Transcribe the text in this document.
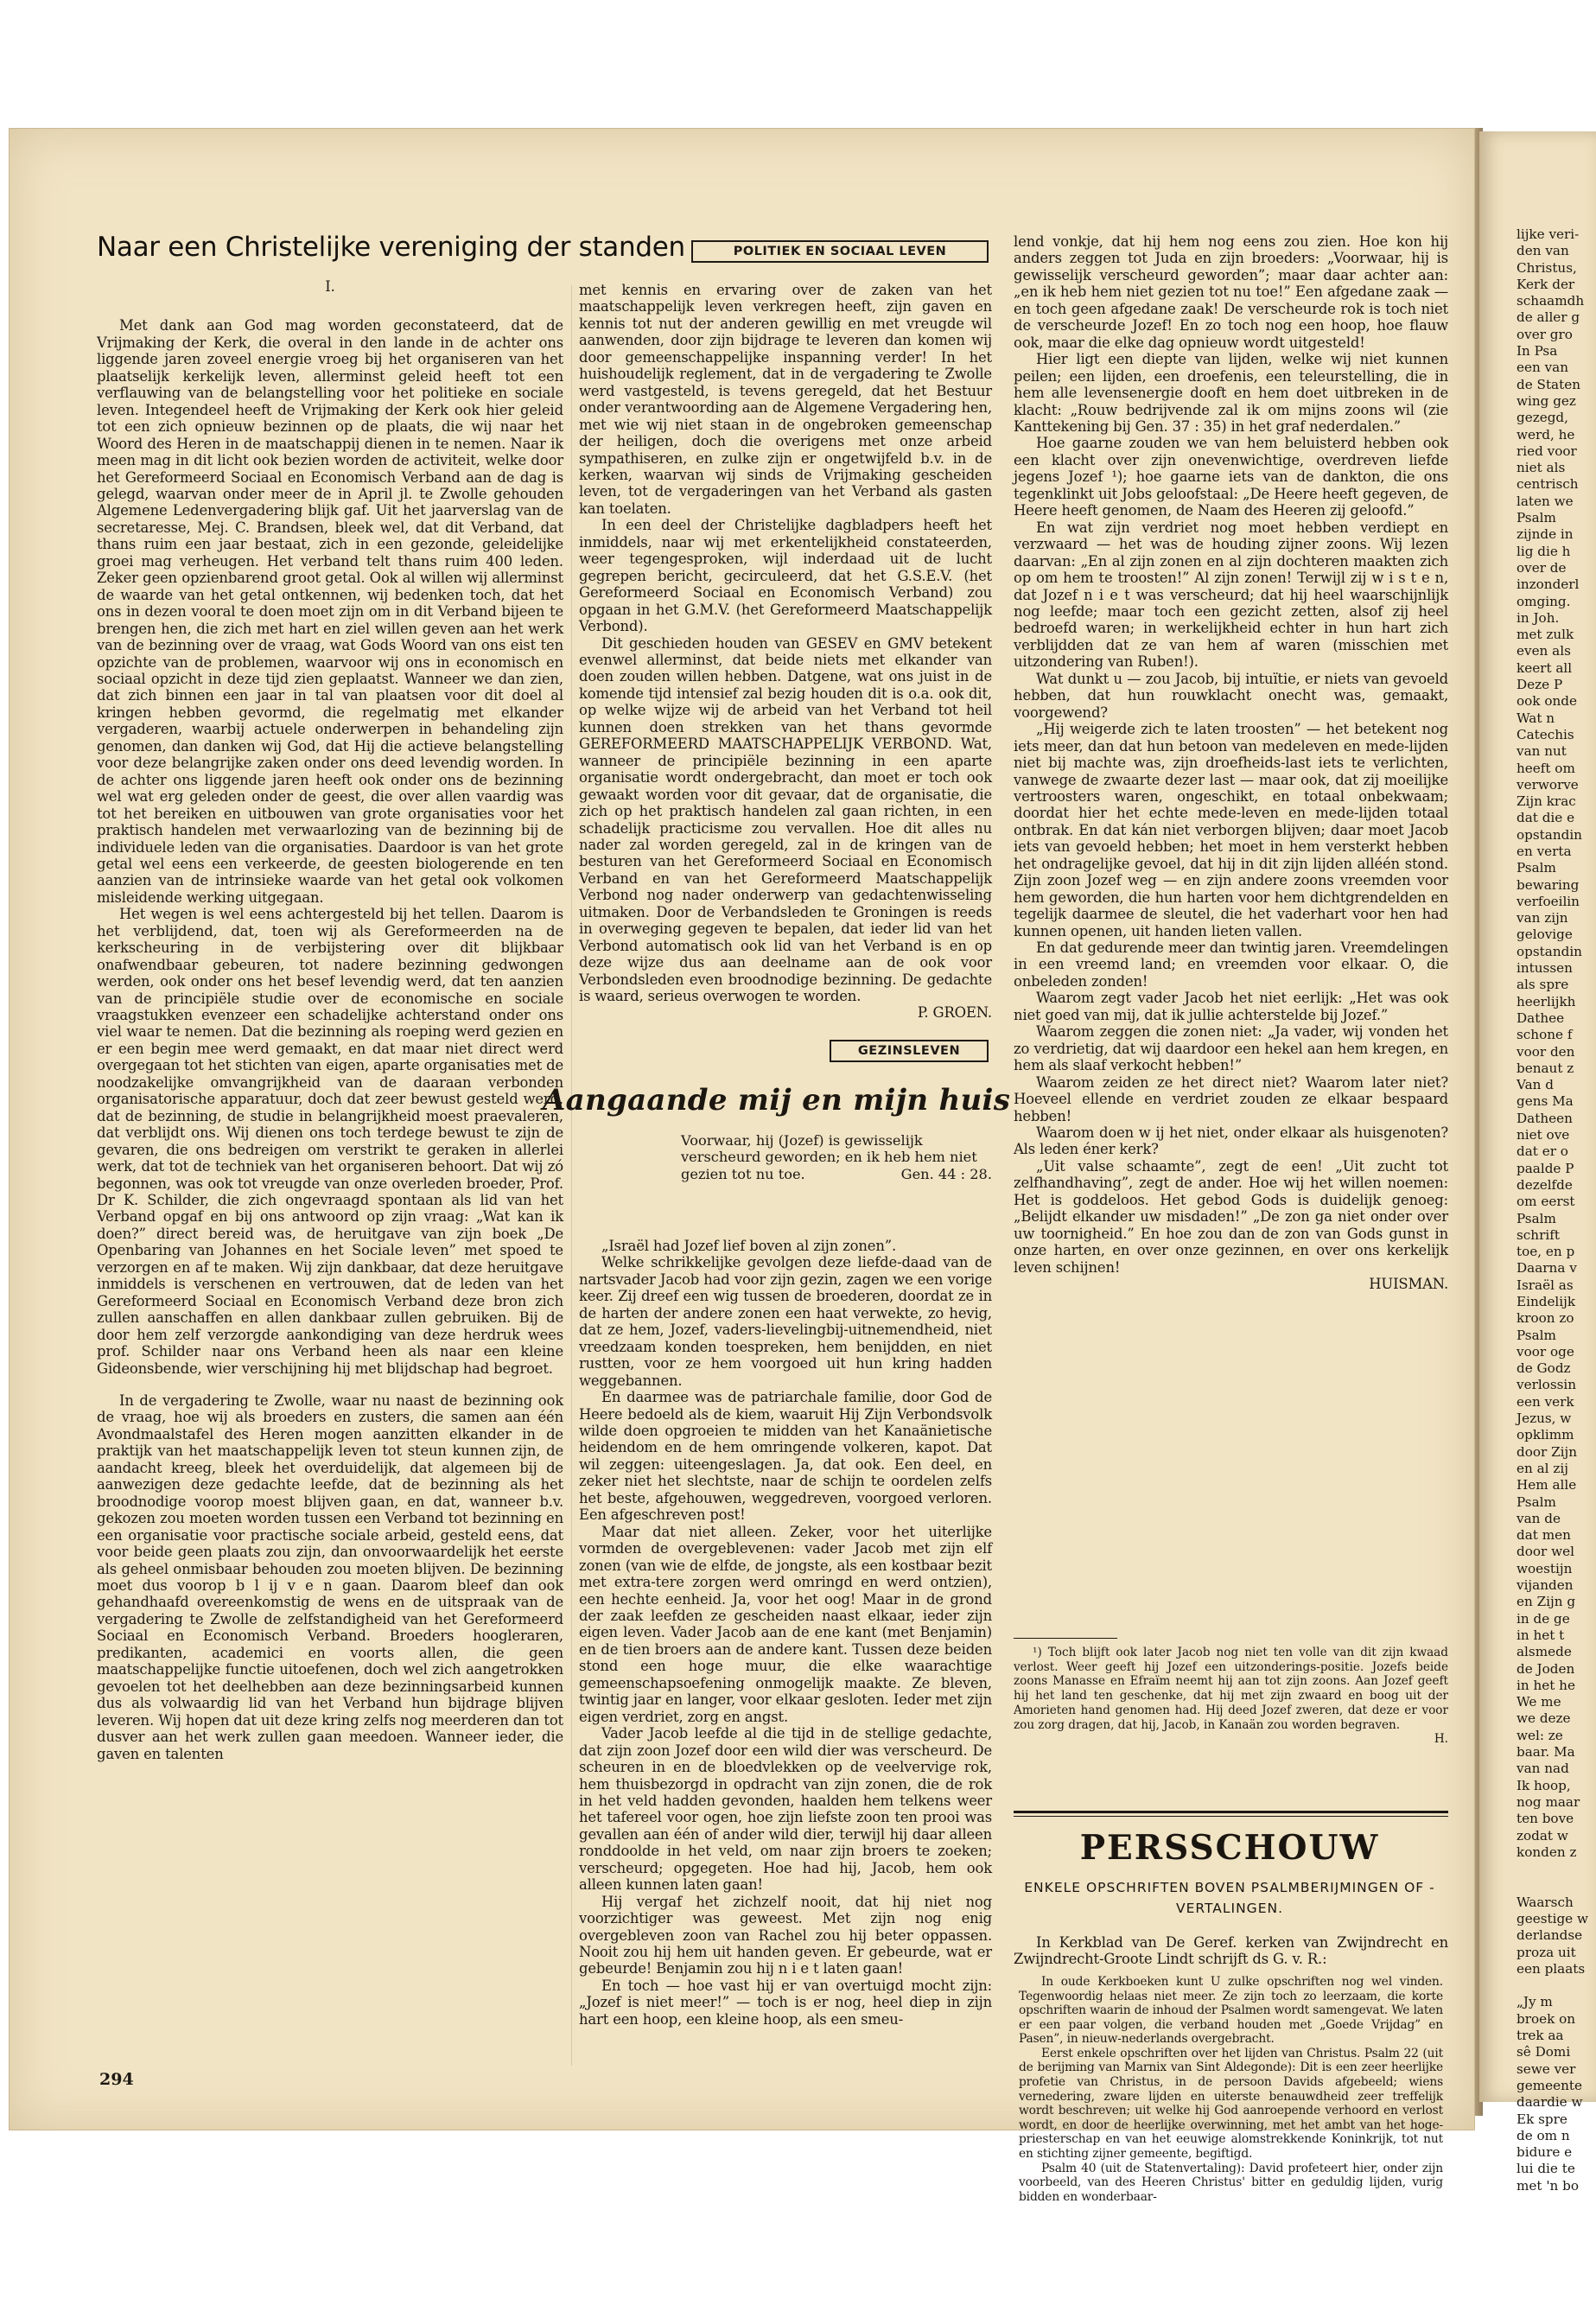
lijke veri-
den van
Christus,
Kerk der
schaamdh
de aller g
over gro
In Psa
een van
de Staten
wing gez
gezegd,
werd, he
ried voor
niet als
centrisch
laten we
Psalm
zijnde in
lig die h
over de
inzonderl
omging.
in Joh.
met zulk
even als
keert all
Deze P
ook onde
Wat n
Catechis
van nut
heeft om
verworve
Zijn krac
dat die e
opstandin
en verta
Psalm
bewaring
verfoeilin
van zijn
gelovige
opstandin
intussen
als spre
heerlijkh
Dathee
schone f
voor den
benaut z
Van d
gens Ma
Datheen
niet ove
dat er o
paalde P
dezelfde
om eerst
Psalm
schrift
toe, en p
Daarna v
Israël as
Eindelijk
kroon zo
Psalm
voor oge
de Godz
verlossin
een verk
Jezus, w
opklimm
door Zijn
en al zij
Hem alle
Psalm
van de
dat men
door wel
woestijn
vijanden
en Zijn g
in de ge
in het t
alsmede
de Joden
in het he
We me
we deze
wel: ze
baar. Ma
van nad
Ik hoop,
nog maar
ten bove
zodat w
konden z

Waarsch
geestige w
derlandse
proza uit
een plaats

„Jy m
broek on
trek aa
sê Domi
sewe ver
gemeente
daardie w
Ek spre
de om n
bidure e
lui die te
met 'n bo
Naar een Christelijke vereniging der standen	POLITIEK EN SOCIAAL LEVEN

I.

Met dank aan God mag worden geconstateerd, dat de Vrijmaking der Kerk, die overal in den lande in de achter ons liggende jaren zoveel energie vroeg bij het organiseren van het plaatselijk kerkelijk leven, allerminst geleid heeft tot een verflauwing van de belangstelling voor het politieke en sociale leven. Integendeel heeft de Vrijmaking der Kerk ook hier geleid tot een zich opnieuw bezinnen op de plaats, die wij naar het Woord des Heren in de maatschappij dienen in te nemen. Naar ik meen mag in dit licht ook bezien worden de activiteit, welke door het Gereformeerd Sociaal en Economisch Verband aan de dag is gelegd, waarvan onder meer de in April jl. te Zwolle gehouden Algemene Ledenvergadering blijk gaf. Uit het jaarverslag van de secretaresse, Mej. C. Brandsen, bleek wel, dat dit Verband, dat thans ruim een jaar bestaat, zich in een gezonde, geleidelijke groei mag verheugen. Het verband telt thans ruim 400 leden. Zeker geen opzienbarend groot getal. Ook al willen wij allerminst de waarde van het getal ontkennen, wij bedenken toch, dat het ons in dezen vooral te doen moet zijn om in dit Verband bijeen te brengen hen, die zich met hart en ziel willen geven aan het werk van de bezinning over de vraag, wat Gods Woord van ons eist ten opzichte van de problemen, waarvoor wij ons in economisch en sociaal opzicht in deze tijd zien geplaatst. Wanneer we dan zien, dat zich binnen een jaar in tal van plaatsen voor dit doel al kringen hebben gevormd, die regelmatig met elkander vergaderen, waarbij actuele onderwerpen in behandeling zijn genomen, dan danken wij God, dat Hij die actieve belangstelling voor deze belangrijke zaken onder ons deed levendig worden. In de achter ons liggende jaren heeft ook onder ons de bezinning wel wat erg geleden onder de geest, die over allen vaardig was tot het bereiken en uitbouwen van grote organisaties voor het praktisch handelen met verwaarlozing van de bezinning bij de individuele leden van die organisaties. Daardoor is van het grote getal wel eens een verkeerde, de geesten biologerende en ten aanzien van de intrinsieke waarde van het getal ook volkomen misleidende werking uitgegaan.

Het wegen is wel eens achtergesteld bij het tellen. Daarom is het verblijdend, dat, toen wij als Gereformeerden na de kerkscheuring in de verbijstering over dit blijkbaar onafwendbaar gebeuren, tot nadere bezinning gedwongen werden, ook onder ons het besef levendig werd, dat ten aanzien van de principiële studie over de economische en sociale vraagstukken evenzeer een schadelijke achterstand onder ons viel waar te nemen. Dat die bezinning als roeping werd gezien en er een begin mee werd gemaakt, en dat maar niet direct werd overgegaan tot het stichten van eigen, aparte organisaties met de noodzakelijke omvangrijkheid van de daaraan verbonden organisatorische apparatuur, doch dat zeer bewust gesteld werd, dat de bezinning, de studie in belangrijkheid moest praevaleren, dat verblijdt ons. Wij dienen ons toch terdege bewust te zijn de gevaren, die ons bedreigen om verstrikt te geraken in allerlei werk, dat tot de techniek van het organiseren behoort. Dat wij zó begonnen, was ook tot vreugde van onze overleden broeder, Prof. Dr K. Schilder, die zich ongevraagd spontaan als lid van het Verband opgaf en bij ons antwoord op zijn vraag: „Wat kan ik doen?” direct bereid was, de heruitgave van zijn boek „De Openbaring van Johannes en het Sociale leven” met spoed te verzorgen en af te maken. Wij zijn dankbaar, dat deze heruitgave inmiddels is verschenen en vertrouwen, dat de leden van het Gereformeerd Sociaal en Economisch Verband deze bron zich zullen aanschaffen en allen dankbaar zullen gebruiken. Bij de door hem zelf verzorgde aankondiging van deze herdruk wees prof. Schilder naar ons Verband heen als naar een kleine Gideonsbende, wier verschijning hij met blijdschap had begroet.

In de vergadering te Zwolle, waar nu naast de bezinning ook de vraag, hoe wij als broeders en zusters, die samen aan één Avondmaalstafel des Heren mogen aanzitten elkander in de praktijk van het maatschappelijk leven tot steun kunnen zijn, de aandacht kreeg, bleek het overduidelijk, dat algemeen bij de aanwezigen deze gedachte leefde, dat de bezinning als het broodnodige voorop moest blijven gaan, en dat, wanneer b.v. gekozen zou moeten worden tussen een Verband tot bezinning en een organisatie voor practische sociale arbeid, gesteld eens, dat voor beide geen plaats zou zijn, dan onvoorwaardelijk het eerste als geheel onmisbaar behouden zou moeten blijven. De bezinning moet dus voorop b l ij v e n gaan. Daarom bleef dan ook gehandhaafd overeenkomstig de wens en de uitspraak van de vergadering te Zwolle de zelfstandigheid van het Gereformeerd Sociaal en Economisch Verband. Broeders hoogleraren, predikanten, academici en voorts allen, die geen maatschappelijke functie uitoefenen, doch wel zich aangetrokken gevoelen tot het deelhebben aan deze bezinningsarbeid kunnen dus als volwaardig lid van het Verband hun bijdrage blijven leveren. Wij hopen dat uit deze kring zelfs nog meerderen dan tot dusver aan het werk zullen gaan meedoen. Wanneer ieder, die gaven en talenten

met kennis en ervaring over de zaken van het maatschappelijk leven verkregen heeft, zijn gaven en kennis tot nut der anderen gewillig en met vreugde wil aanwenden, door zijn bijdrage te leveren dan komen wij door gemeenschappelijke inspanning verder! In het huishoudelijk reglement, dat in de vergadering te Zwolle werd vastgesteld, is tevens geregeld, dat het Bestuur onder verantwoording aan de Algemene Vergadering hen, met wie wij niet staan in de ongebroken gemeenschap der heiligen, doch die overigens met onze arbeid sympathiseren, en zulke zijn er ongetwijfeld b.v. in de kerken, waarvan wij sinds de Vrijmaking gescheiden leven, tot de vergaderingen van het Verband als gasten kan toelaten.

In een deel der Christelijke dagbladpers heeft het inmiddels, naar wij met erkentelijkheid constateerden, weer tegengesproken, wijl inderdaad uit de lucht gegrepen bericht, gecirculeerd, dat het G.S.E.V. (het Gereformeerd Sociaal en Economisch Verband) zou opgaan in het G.M.V. (het Gereformeerd Maatschappelijk Verbond).

Dit geschieden houden van GESEV en GMV betekent evenwel allerminst, dat beide niets met elkander van doen zouden willen hebben. Datgene, wat ons juist in de komende tijd intensief zal bezig houden dit is o.a. ook dit, op welke wijze wij de arbeid van het Verband tot heil kunnen doen strekken van het thans gevormde GEREFORMEERD MAATSCHAPPELIJK VERBOND. Wat, wanneer de principiële bezinning in een aparte organisatie wordt ondergebracht, dan moet er toch ook gewaakt worden voor dit gevaar, dat de organisatie, die zich op het praktisch handelen zal gaan richten, in een schadelijk practicisme zou vervallen. Hoe dit alles nu nader zal worden geregeld, zal in de kringen van de besturen van het Gereformeerd Sociaal en Economisch Verband en van het Gereformeerd Maatschappelijk Verbond nog nader onderwerp van gedachtenwisseling uitmaken. Door de Verbandsleden te Groningen is reeds in overweging gegeven te bepalen, dat ieder lid van het Verbond automatisch ook lid van het Verband is en op deze wijze dus aan deelname aan de ook voor Verbondsleden even broodnodige bezinning. De gedachte is waard, serieus overwogen te worden.

P. GROEN.

GEZINSLEVEN
Aangaande mij en mijn huis
Voorwaar, hij (Jozef) is gewisselijk verscheurd geworden; en ik heb hem niet gezien tot nu toe.	Gen. 44 : 28.

„Israël had Jozef lief boven al zijn zonen”.

Welke schrikkelijke gevolgen deze liefde-daad van de nartsvader Jacob had voor zijn gezin, zagen we een vorige keer. Zij dreef een wig tussen de broederen, doordat ze in de harten der andere zonen een haat verwekte, zo hevig, dat ze hem, Jozef, vaders-lievelingbij-uitnemendheid, niet vreedzaam konden toespreken, hem benijdden, en niet rustten, voor ze hem voorgoed uit hun kring hadden weggebannen.

En daarmee was de patriarchale familie, door God de Heere bedoeld als de kiem, waaruit Hij Zijn Verbondsvolk wilde doen opgroeien te midden van het Kanaänietische heidendom en de hem omringende volkeren, kapot. Dat wil zeggen: uiteengeslagen. Ja, dat ook. Een deel, en zeker niet het slechtste, naar de schijn te oordelen zelfs het beste, afgehouwen, weggedreven, voorgoed verloren. Een afgeschreven post!

Maar dat niet alleen. Zeker, voor het uiterlijke vormden de overgeblevenen: vader Jacob met zijn elf zonen (van wie de elfde, de jongste, als een kostbaar bezit met extra-tere zorgen werd omringd en werd ontzien), een hechte eenheid. Ja, voor het oog! Maar in de grond der zaak leefden ze gescheiden naast elkaar, ieder zijn eigen leven. Vader Jacob aan de ene kant (met Benjamin) en de tien broers aan de andere kant. Tussen deze beiden stond een hoge muur, die elke waarachtige gemeenschapsoefening onmogelijk maakte. Ze bleven, twintig jaar en langer, voor elkaar gesloten. Ieder met zijn eigen verdriet, zorg en angst.

Vader Jacob leefde al die tijd in de stellige gedachte, dat zijn zoon Jozef door een wild dier was verscheurd. De scheuren in en de bloedvlekken op de veelvervige rok, hem thuisbezorgd in opdracht van zijn zonen, die de rok in het veld hadden gevonden, haalden hem telkens weer het tafereel voor ogen, hoe zijn liefste zoon ten prooi was gevallen aan één of ander wild dier, terwijl hij daar alleen ronddoolde in het veld, om naar zijn broers te zoeken; verscheurd; opgegeten. Hoe had hij, Jacob, hem ook alleen kunnen laten gaan!

Hij vergaf het zichzelf nooit, dat hij niet nog voorzichtiger was geweest. Met zijn nog enig overgebleven zoon van Rachel zou hij beter oppassen. Nooit zou hij hem uit handen geven. Er gebeurde, wat er gebeurde! Benjamin zou hij n i e t laten gaan!

En toch — hoe vast hij er van overtuigd mocht zijn: „Jozef is niet meer!” — toch is er nog, heel diep in zijn hart een hoop, een kleine hoop, als een smeu-

lend vonkje, dat hij hem nog eens zou zien. Hoe kon hij anders zeggen tot Juda en zijn broeders: „Voorwaar, hij is gewisselijk verscheurd geworden”; maar daar achter aan: „en ik heb hem niet gezien tot nu toe!” Een afgedane zaak — en toch geen afgedane zaak! De verscheurde rok is toch niet de verscheurde Jozef! En zo toch nog een hoop, hoe flauw ook, maar die elke dag opnieuw wordt uitgesteld!

Hier ligt een diepte van lijden, welke wij niet kunnen peilen; een lijden, een droefenis, een teleurstelling, die in hem alle levensenergie dooft en hem doet uitbreken in de klacht: „Rouw bedrijvende zal ik om mijns zoons wil (zie Kanttekening bij Gen. 37 : 35) in het graf nederdalen.”

Hoe gaarne zouden we van hem beluisterd hebben ook een klacht over zijn onevenwichtige, overdreven liefde jegens Jozef ¹); hoe gaarne iets van de dankton, die ons tegenklinkt uit Jobs geloofstaal: „De Heere heeft gegeven, de Heere heeft genomen, de Naam des Heeren zij geloofd.”

En wat zijn verdriet nog moet hebben verdiept en verzwaard — het was de houding zijner zoons. Wij lezen daarvan: „En al zijn zonen en al zijn dochteren maakten zich op om hem te troosten!” Al zijn zonen! Terwijl zij w i s t e n, dat Jozef n i e t was verscheurd; dat hij heel waarschijnlijk nog leefde; maar toch een gezicht zetten, alsof zij heel bedroefd waren; in werkelijkheid echter in hun hart zich verblijdden dat ze van hem af waren (misschien met uitzondering van Ruben!).

Wat dunkt u — zou Jacob, bij intuïtie, er niets van gevoeld hebben, dat hun rouwklacht onecht was, gemaakt, voorgewend?

„Hij weigerde zich te laten troosten” — het betekent nog iets meer, dan dat hun betoon van medeleven en mede-lijden niet bij machte was, zijn droefheids-last iets te verlichten, vanwege de zwaarte dezer last — maar ook, dat zij moeilijke vertroosters waren, ongeschikt, en totaal onbekwaam; doordat hier het echte mede-leven en mede-lijden totaal ontbrak. En dat kán niet verborgen blijven; daar moet Jacob iets van gevoeld hebben; het moet in hem versterkt hebben het ondragelijke gevoel, dat hij in dit zijn lijden alléén stond. Zijn zoon Jozef weg — en zijn andere zoons vreemden voor hem geworden, die hun harten voor hem dichtgrendelden en tegelijk daarmee de sleutel, die het vaderhart voor hen had kunnen openen, uit handen lieten vallen.

En dat gedurende meer dan twintig jaren. Vreemdelingen in een vreemd land; en vreemden voor elkaar. O, die onbeleden zonden!

Waarom zegt vader Jacob het niet eerlijk: „Het was ook niet goed van mij, dat ik jullie achterstelde bij Jozef.”

Waarom zeggen die zonen niet: „Ja vader, wij vonden het zo verdrietig, dat wij daardoor een hekel aan hem kregen, en hem als slaaf verkocht hebben!”

Waarom zeiden ze het direct niet? Waarom later niet? Hoeveel ellende en verdriet zouden ze elkaar bespaard hebben!

Waarom doen w ij het niet, onder elkaar als huisgenoten? Als leden éner kerk?

„Uit valse schaamte”, zegt de een! „Uit zucht tot zelfhandhaving”, zegt de ander. Hoe wij het willen noemen: Het is goddeloos. Het gebod Gods is duidelijk genoeg: „Belijdt elkander uw misdaden!” „De zon ga niet onder over uw toornigheid.” En hoe zou dan de zon van Gods gunst in onze harten, en over onze gezinnen, en over ons kerkelijk leven schijnen!

HUISMAN.

¹) Toch blijft ook later Jacob nog niet ten volle van dit zijn kwaad verlost. Weer geeft hij Jozef een uitzonderings-positie. Jozefs beide zoons Manasse en Efraïm neemt hij aan tot zijn zoons. Aan Jozef geeft hij het land ten geschenke, dat hij met zijn zwaard en boog uit der Amorieten hand genomen had. Hij deed Jozef zweren, dat deze er voor zou zorg dragen, dat hij, Jacob, in Kanaän zou worden begraven.

H.

PERSSCHOUW
ENKELE OPSCHRIFTEN BOVEN PSALMBERIJMINGEN OF -VERTALINGEN.

In Kerkblad van De Geref. kerken van Zwijndrecht en Zwijndrecht-Groote Lindt schrijft ds G. v. R.:

In oude Kerkboeken kunt U zulke opschriften nog wel vinden. Tegenwoordig helaas niet meer. Ze zijn toch zo leerzaam, die korte opschriften waarin de inhoud der Psalmen wordt samengevat. We laten er een paar volgen, die verband houden met „Goede Vrijdag” en Pasen”, in nieuw-nederlands overgebracht.

Eerst enkele opschriften over het lijden van Christus. Psalm 22 (uit de berijming van Marnix van Sint Aldegonde): Dit is een zeer heerlijke profetie van Christus, in de persoon Davids afgebeeld; wiens vernedering, zware lijden en uiterste benauwdheid zeer treffelijk wordt beschreven; uit welke hij God aanroepende verhoord en verlost wordt, en door de heerlijke overwinning, met het ambt van het hoge-priesterschap en van het eeuwige alomstrekkende Koninkrijk, tot nut en stichting zijner gemeente, begiftigd.

Psalm 40 (uit de Statenvertaling): David profeteert hier, onder zijn voorbeeld, van des Heeren Christus' bitter en geduldig lijden, vurig bidden en wonderbaar-

294
